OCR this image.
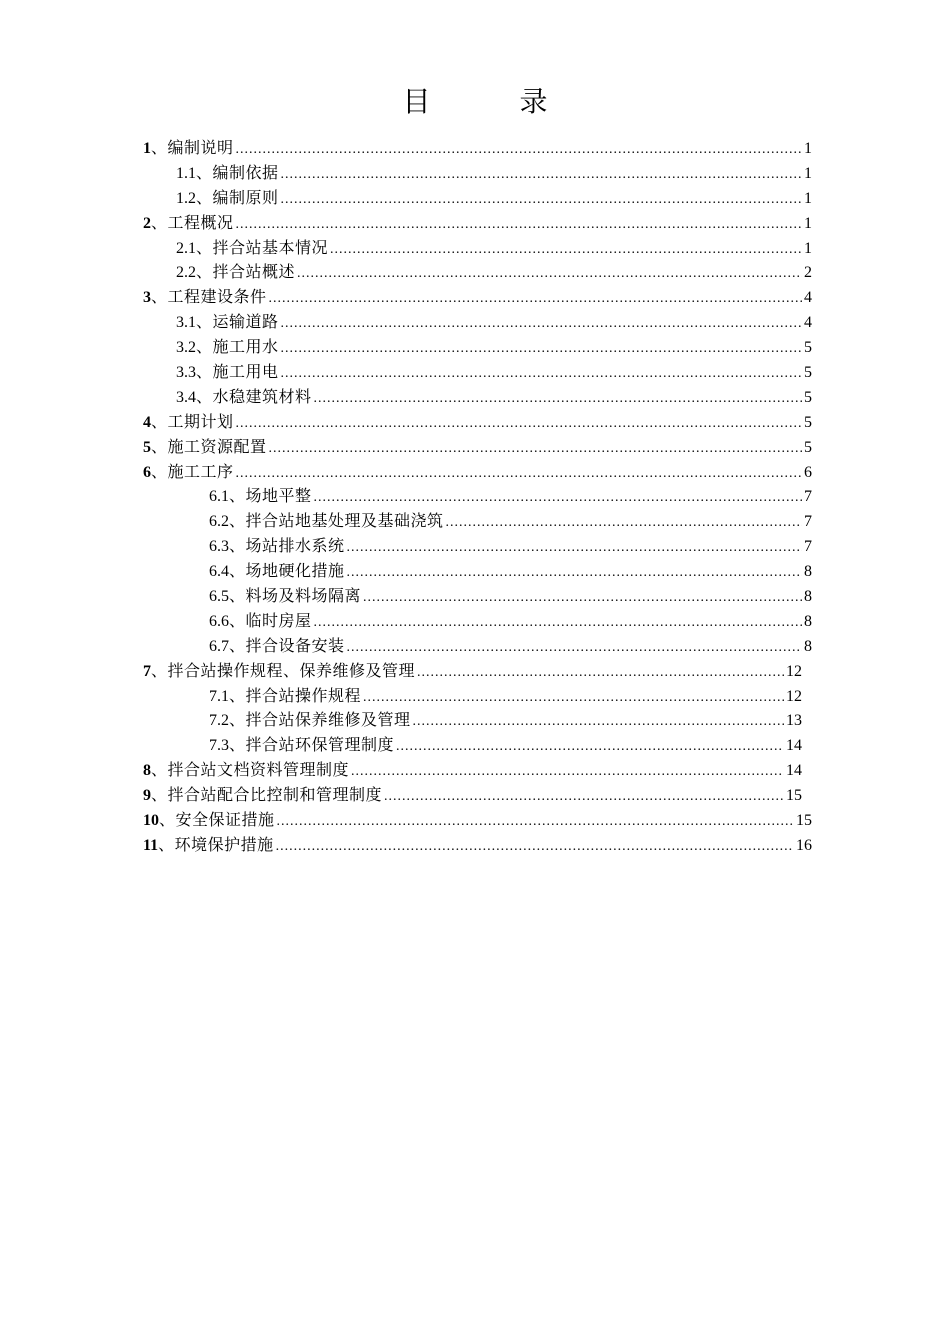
目 录
1 、编制说明 .....	1
1.1 、编制依据 .....	1
1.2 、编制原则 .....	1
2 、工程概况 .....	1
2.1 、拌合站基本情况 .....	1
2.2 、拌合站概述 .....	2
3 、工程建设条件 .....	4
3.1 、运输道路 .....	4
3.2 、施工用水 .....	5
3.3 、施工用电 .....	5
3.4 、水稳建筑材料 .....	5
4 、工期计划 .....	5
5 、施工资源配置 .....	5
6 、施工工序 .....	6
6.1 、场地平整 .....	7
6.2 、拌合站地基处理及基础浇筑 .....	7
6.3 、场站排水系统 .....	7
6.4 、场地硬化措施 .....	8
6.5 、料场及料场隔离 .....	8
6.6 、临时房屋 .....	8
6.7 、拌合设备安装 .....	8
7 、拌合站操作规程、保养维修及管理 .....	12
7.1 、拌合站操作规程 .....	12
7.2 、拌合站保养维修及管理 .....	13
7.3 、拌合站环保管理制度 .....	14
8 、拌合站文档资料管理制度 .....	14
9 、拌合站配合比控制和管理制度 .....	15
10 、安全保证措施 .....	15
11 、环境保护措施 .....	16
